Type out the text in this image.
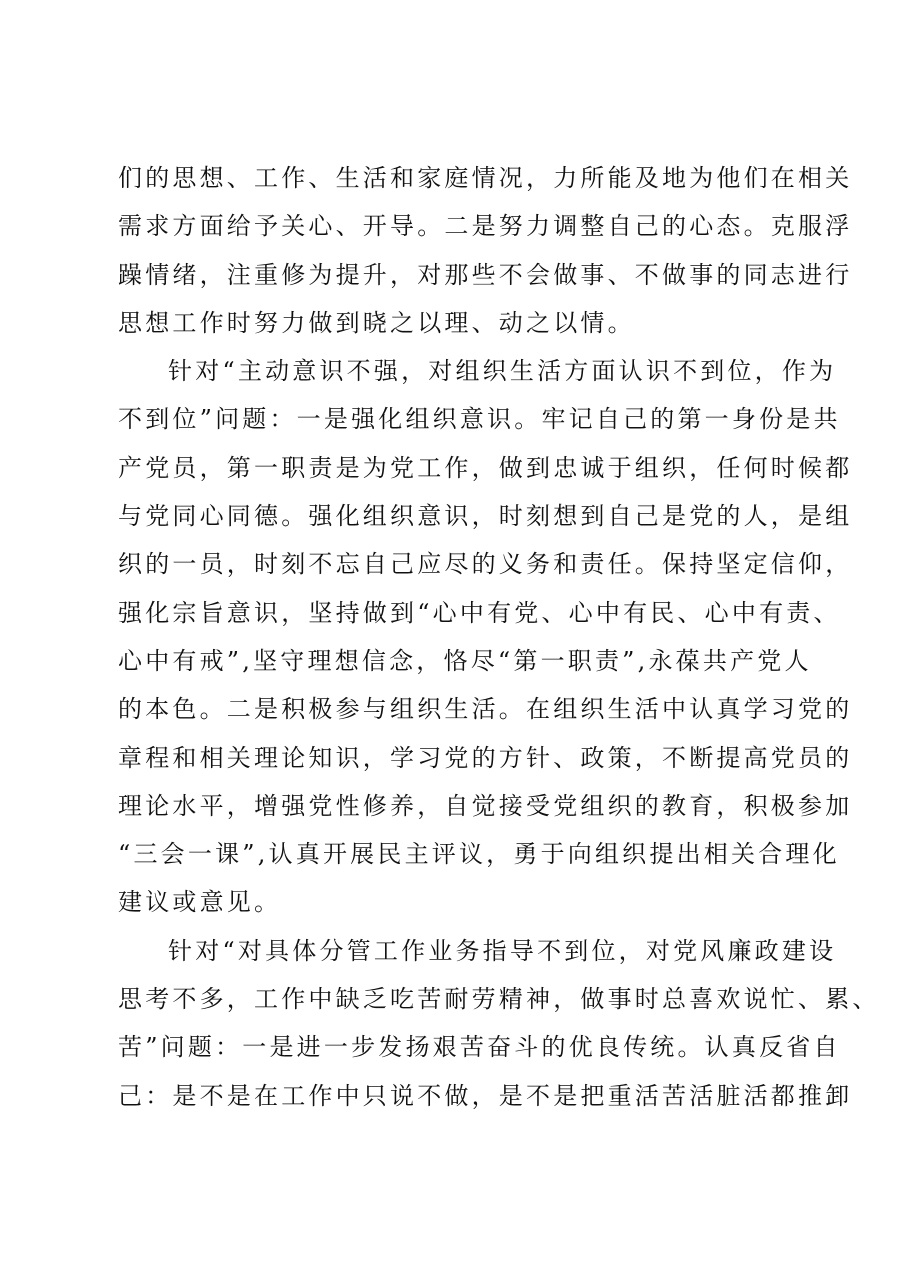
们的思想、工作、生活和家庭情况，力所能及地为他们在相关
需求方面给予关心、开导。二是努力调整自己的心态。克服浮
躁情绪，注重修为提升，对那些不会做事、不做事的同志进行
思想工作时努力做到晓之以理、动之以情。
针对“主动意识不强，对组织生活方面认识不到位，作为
不到位”问题：一是强化组织意识。牢记自己的第一身份是共
产党员，第一职责是为党工作，做到忠诚于组织，任何时候都
与党同心同德。强化组织意识，时刻想到自己是党的人，是组
织的一员，时刻不忘自己应尽的义务和责任。保持坚定信仰，
强化宗旨意识，坚持做到“心中有党、心中有民、心中有责、
心中有戒”,坚守理想信念，恪尽“第一职责”,永葆共产党人
的本色。二是积极参与组织生活。在组织生活中认真学习党的
章程和相关理论知识，学习党的方针、政策，不断提高党员的
理论水平，增强党性修养，自觉接受党组织的教育，积极参加
“三会一课”,认真开展民主评议，勇于向组织提出相关合理化
建议或意见。
针对“对具体分管工作业务指导不到位，对党风廉政建设
思考不多，工作中缺乏吃苦耐劳精神，做事时总喜欢说忙、累、
苦”问题：一是进一步发扬艰苦奋斗的优良传统。认真反省自
己：是不是在工作中只说不做，是不是把重活苦活脏活都推卸
